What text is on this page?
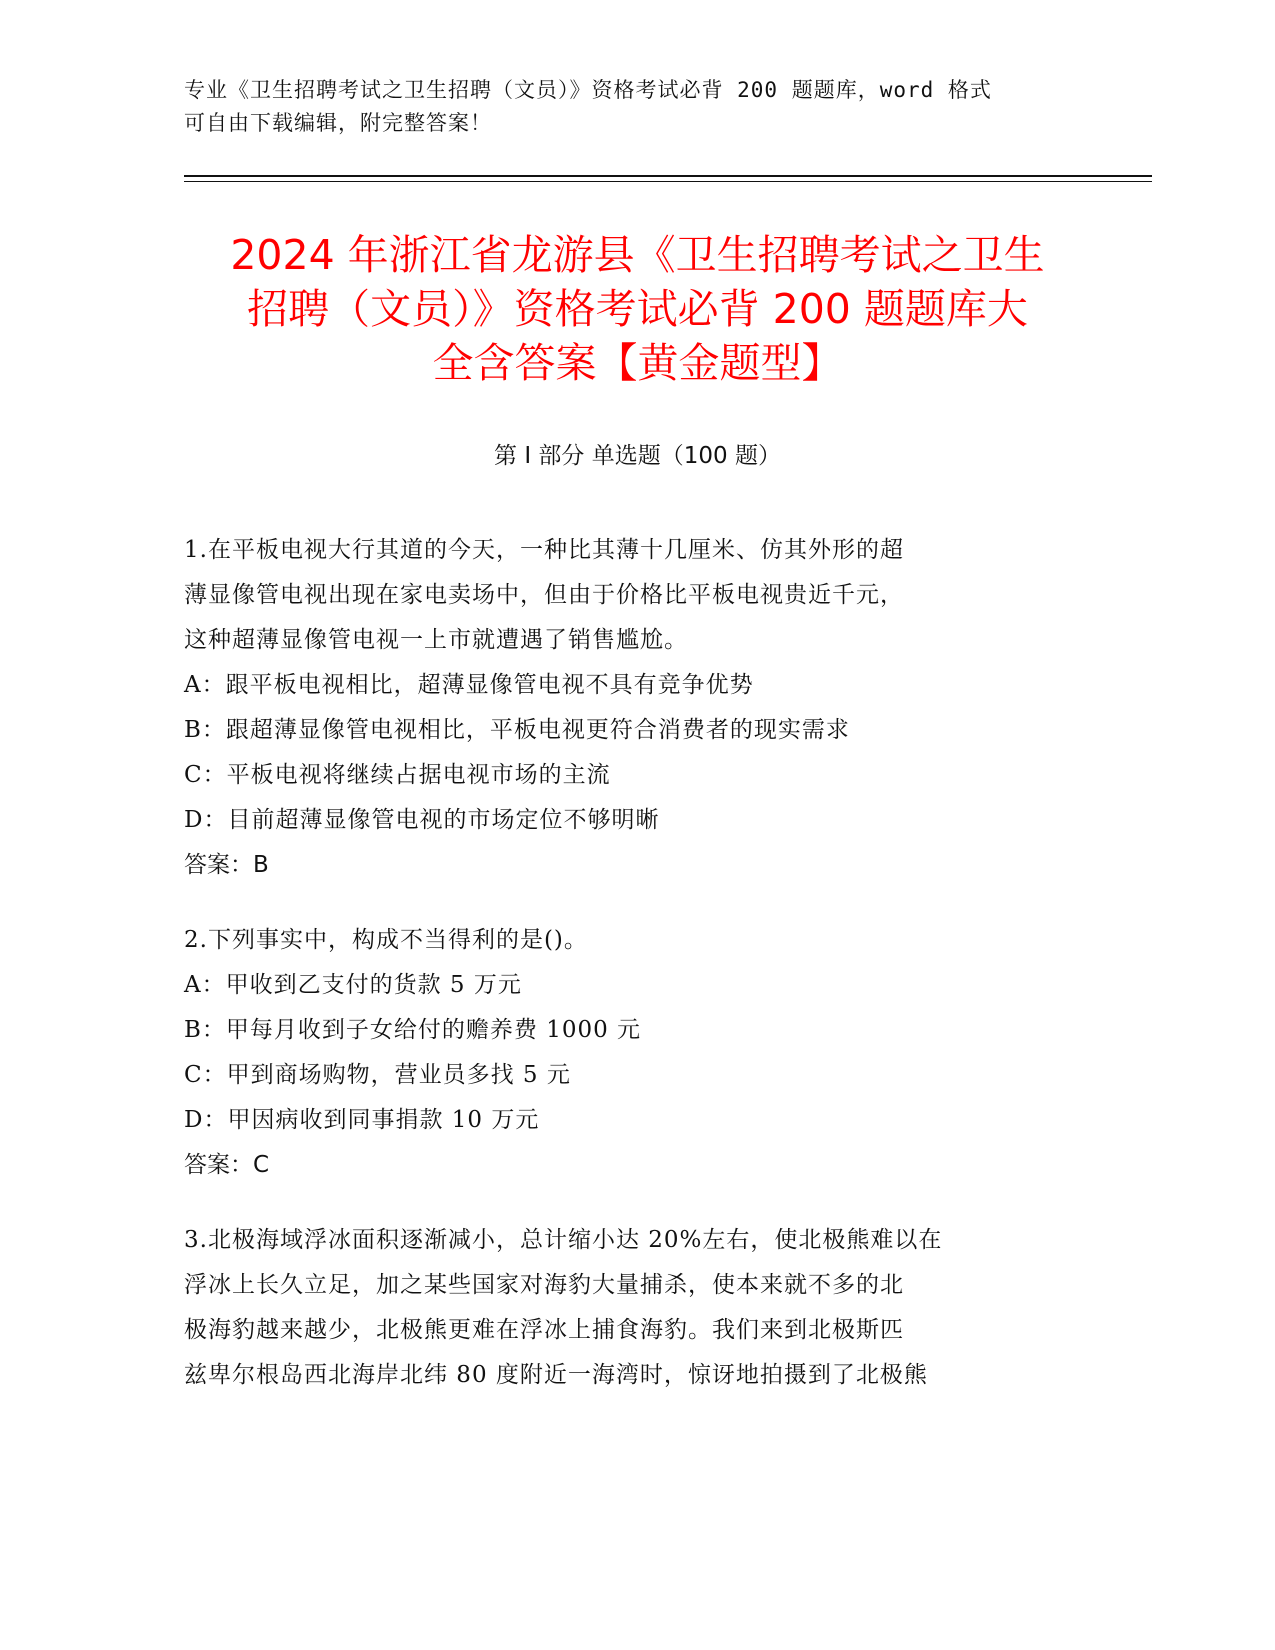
专业《卫生招聘考试之卫生招聘（文员）》资格考试必背 200 题题库，word 格式
可自由下载编辑，附完整答案！
2024 年浙江省龙游县《卫生招聘考试之卫生
招聘（文员）》资格考试必背 200 题题库大
全含答案【黄金题型】
第 I 部分 单选题（100 题）
1.在平板电视大行其道的今天，一种比其薄十几厘米、仿其外形的超
薄显像管电视出现在家电卖场中，但由于价格比平板电视贵近千元，
这种超薄显像管电视一上市就遭遇了销售尴尬。
A：跟平板电视相比，超薄显像管电视不具有竞争优势
B：跟超薄显像管电视相比，平板电视更符合消费者的现实需求
C：平板电视将继续占据电视市场的主流
D：目前超薄显像管电视的市场定位不够明晰
答案：B
2.下列事实中，构成不当得利的是()。
A：甲收到乙支付的货款 5 万元
B：甲每月收到子女给付的赡养费 1000 元
C：甲到商场购物，营业员多找 5 元
D：甲因病收到同事捐款 10 万元
答案：C
3.北极海域浮冰面积逐渐减小，总计缩小达 20%左右，使北极熊难以在
浮冰上长久立足，加之某些国家对海豹大量捕杀，使本来就不多的北
极海豹越来越少，北极熊更难在浮冰上捕食海豹。我们来到北极斯匹
兹卑尔根岛西北海岸北纬 80 度附近一海湾时，惊讶地拍摄到了北极熊
